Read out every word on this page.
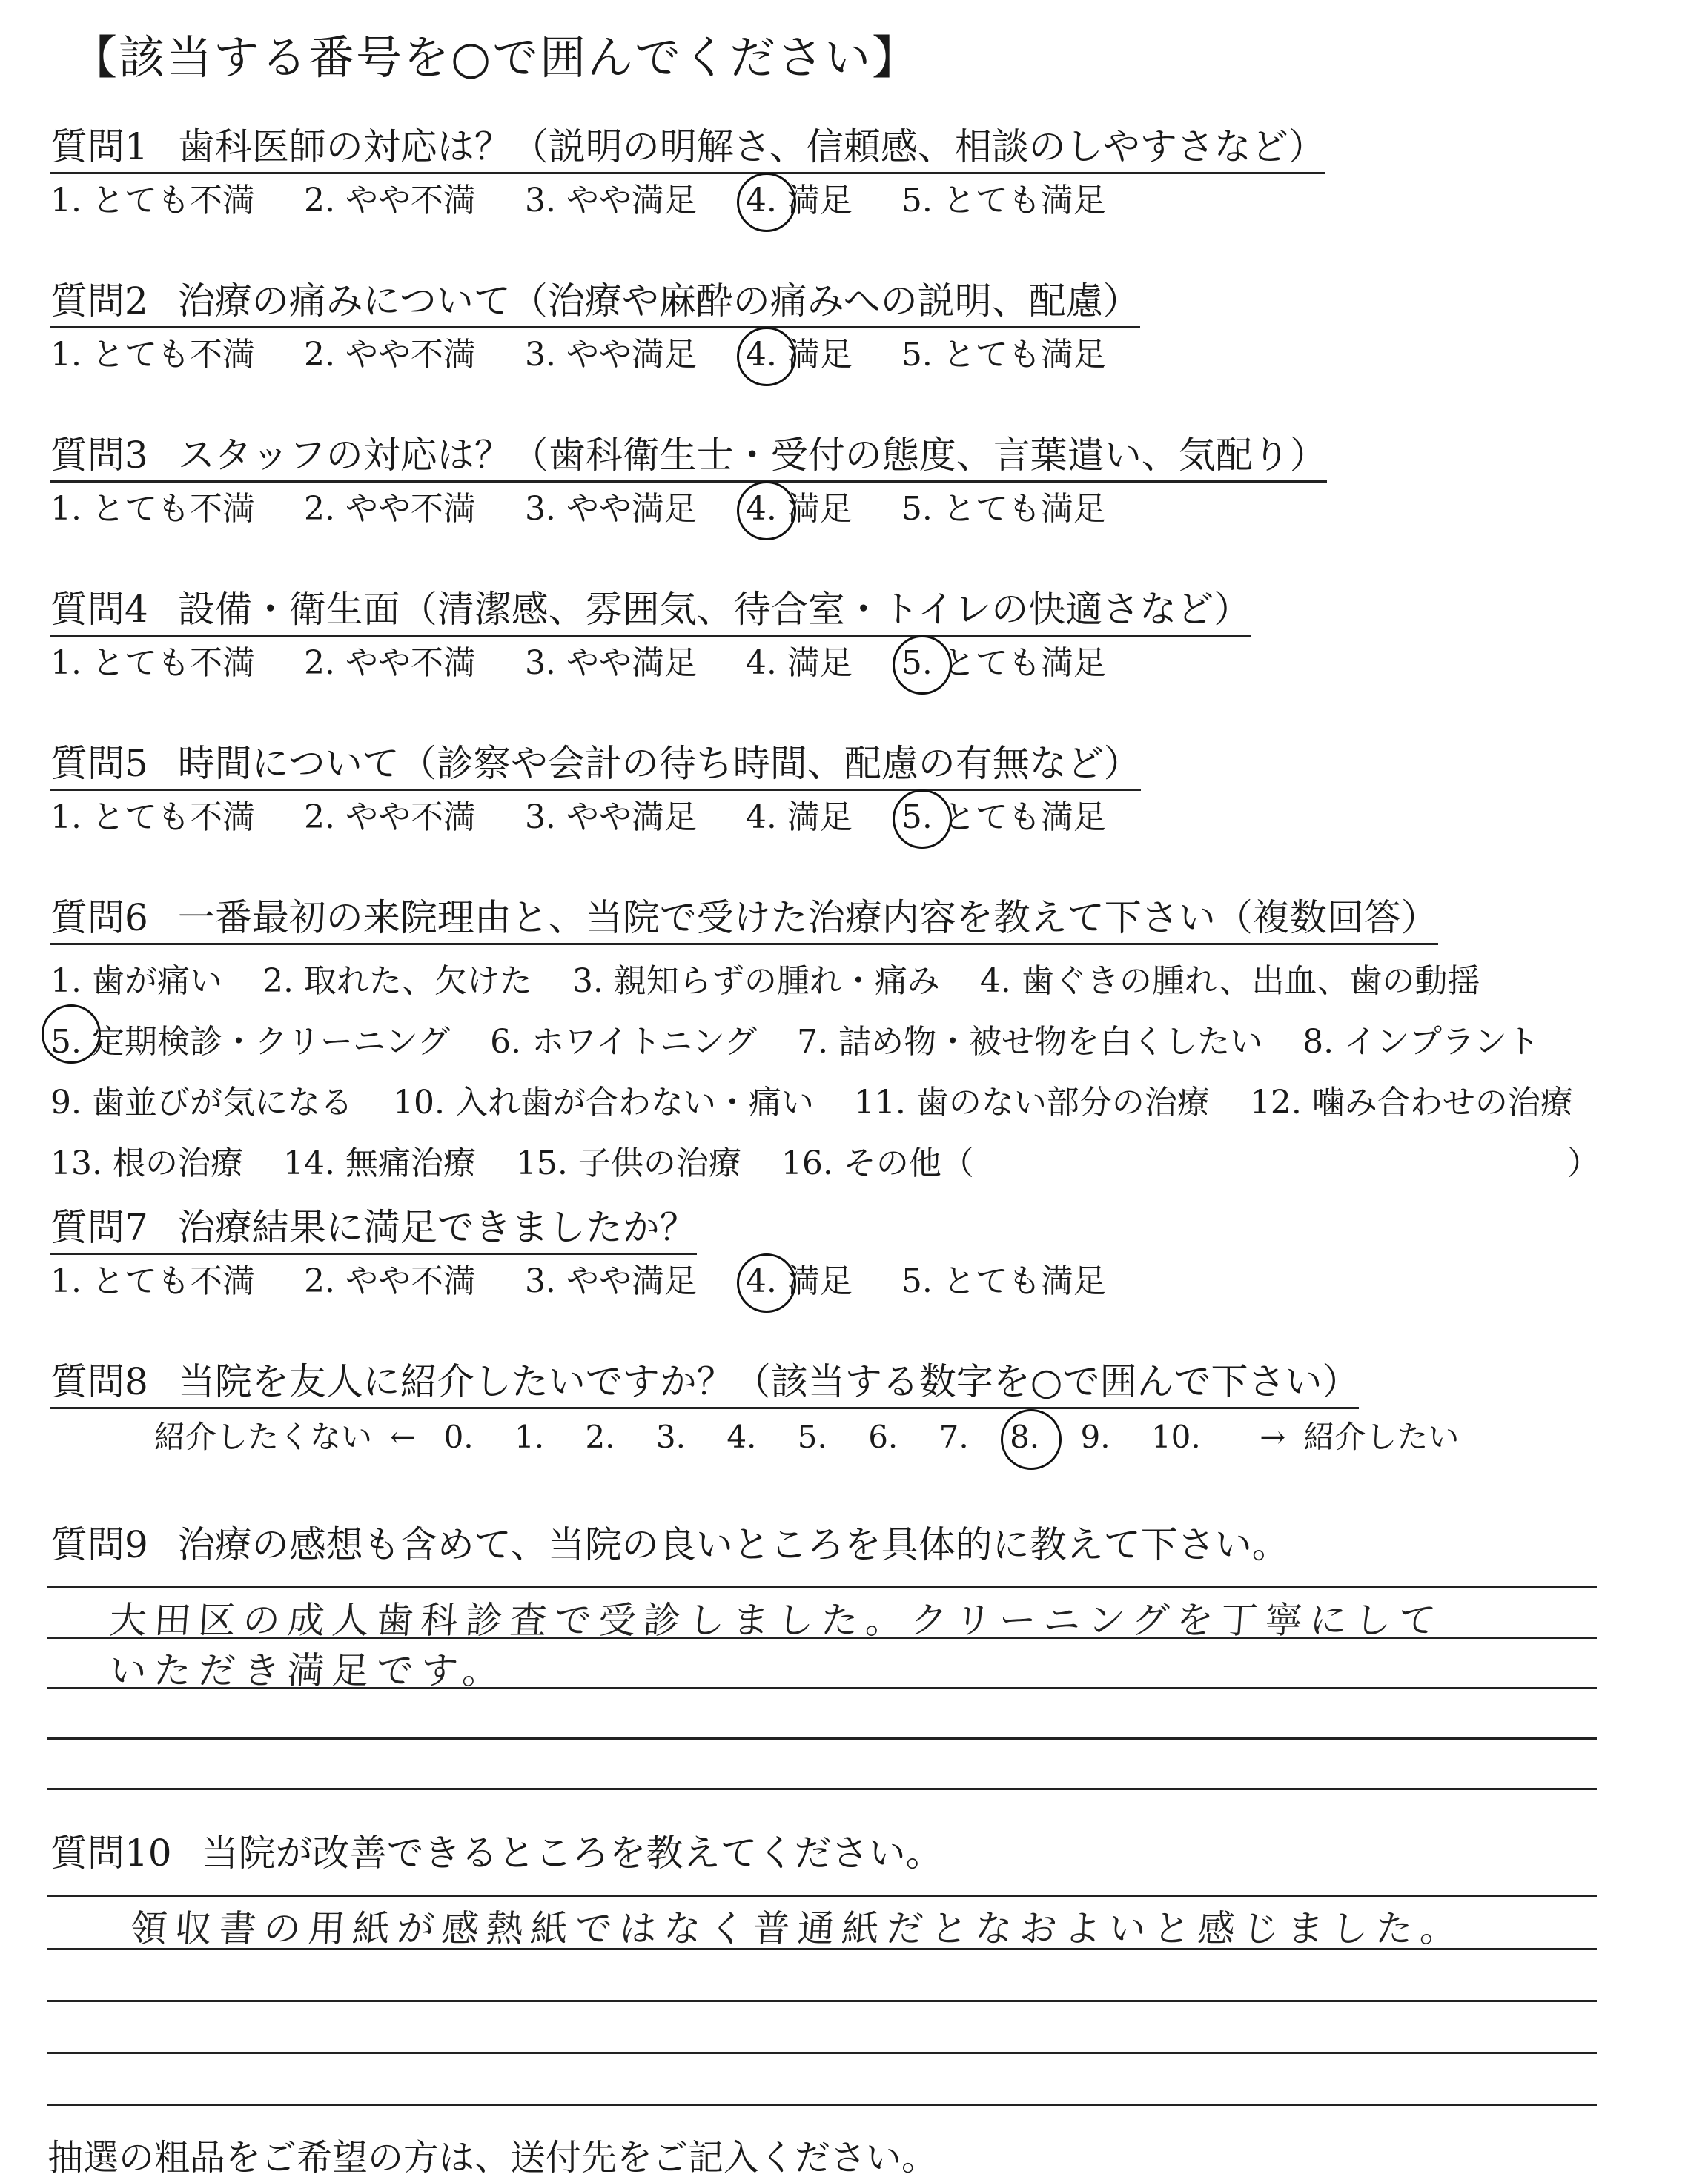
【該当する番号を○で囲んでください】
質問1 歯科医師の対応は？（説明の明解さ、信頼感、相談のしやすさなど）
1. とても不満 2. やや不満 3. やや満足 4. 満足 5. とても満足
質問2 治療の痛みについて（治療や麻酔の痛みへの説明、配慮）
1. とても不満 2. やや不満 3. やや満足 4. 満足 5. とても満足
質問3 スタッフの対応は？（歯科衛生士・受付の態度、言葉遣い、気配り）
1. とても不満 2. やや不満 3. やや満足 4. 満足 5. とても満足
質問4 設備・衛生面（清潔感、雰囲気、待合室・トイレの快適さなど）
1. とても不満 2. やや不満 3. やや満足 4. 満足 5. とても満足
質問5 時間について（診察や会計の待ち時間、配慮の有無など）
1. とても不満 2. やや不満 3. やや満足 4. 満足 5. とても満足
質問6 一番最初の来院理由と、当院で受けた治療内容を教えて下さい（複数回答）
1. 歯が痛い 2. 取れた、欠けた 3. 親知らずの腫れ・痛み 4. 歯ぐきの腫れ、出血、歯の動揺
5. 定期検診・クリーニング 6. ホワイトニング 7. 詰め物・被せ物を白くしたい 8. インプラント
9. 歯並びが気になる 10. 入れ歯が合わない・痛い 11. 歯のない部分の治療 12. 噛み合わせの治療
13. 根の治療 14. 無痛治療 15. 子供の治療 16. その他（	）
質問7 治療結果に満足できましたか？
1. とても不満 2. やや不満 3. やや満足 4. 満足 5. とても満足
質問8 当院を友人に紹介したいですか？（該当する数字を○で囲んで下さい）
紹介したくない ← 0. 1. 2. 3. 4. 5. 6. 7. 8. 9. 10. → 紹介したい
質問9 治療の感想も含めて、当院の良いところを具体的に教えて下さい。
大田区の成人歯科診査で受診しました。クリーニングを丁寧にして
いただき満足です。
質問10 当院が改善できるところを教えてください。
領収書の用紙が感熱紙ではなく普通紙だとなおよいと感じました。
抽選の粗品をご希望の方は、送付先をご記入ください。
